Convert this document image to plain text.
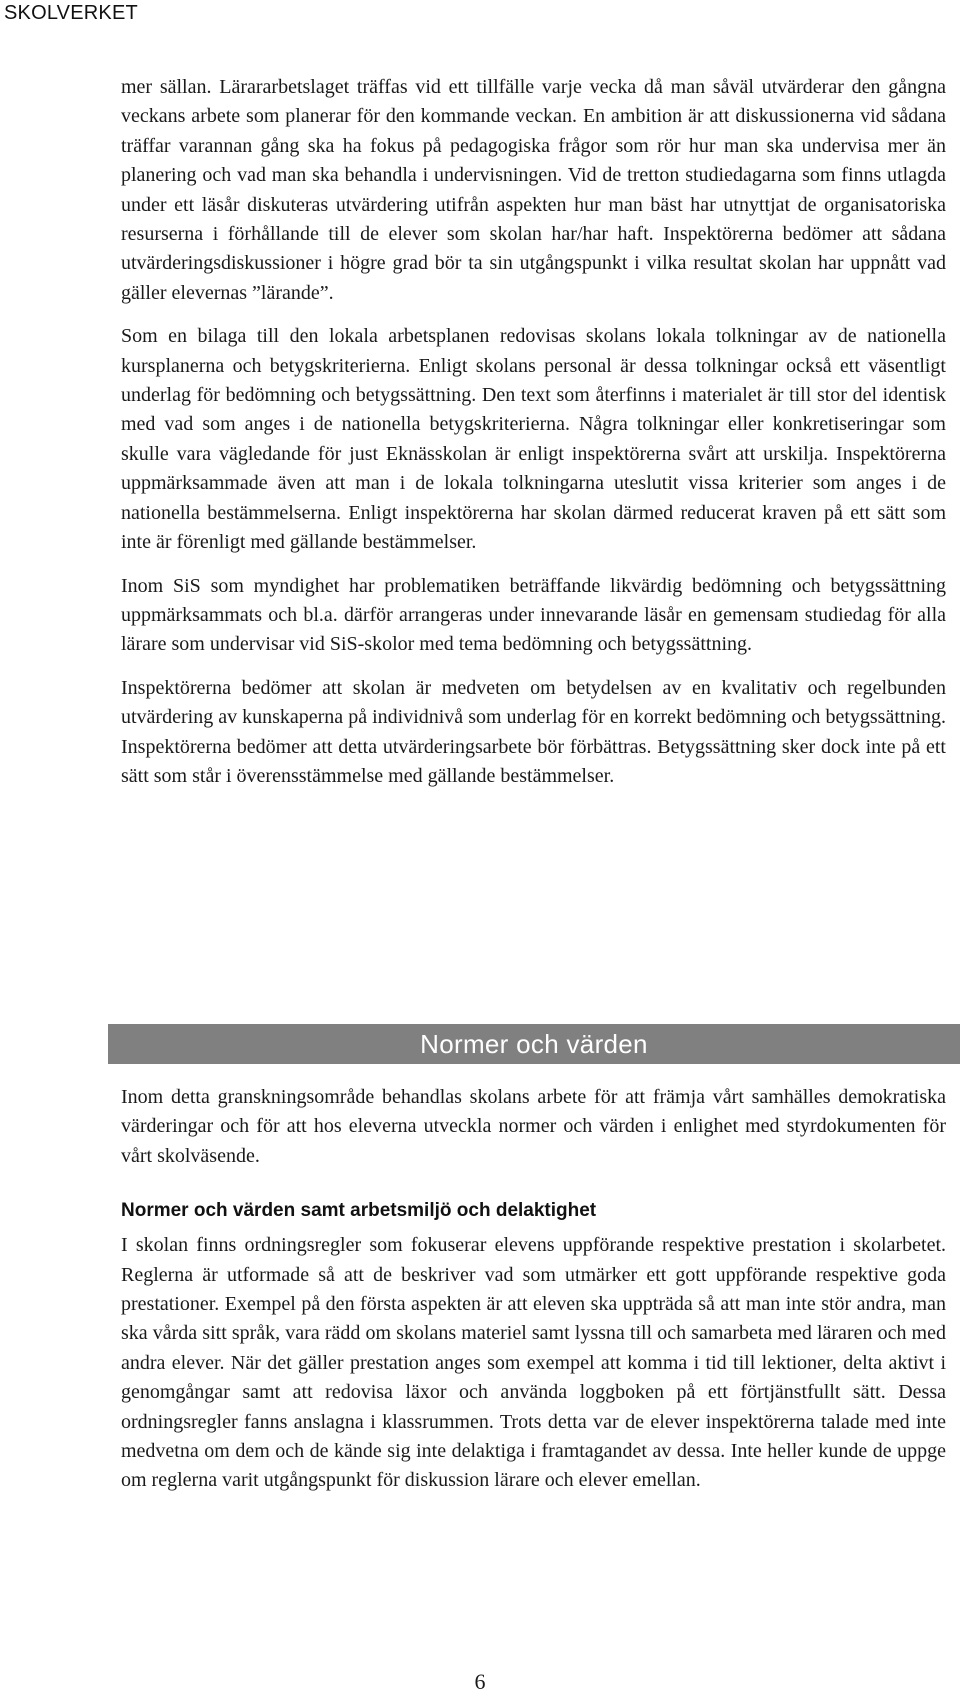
SKOLVERKET

mer sällan. Lärararbetslaget träffas vid ett tillfälle varje vecka då man såväl utvärderar den gångna veckans arbete som planerar för den kommande veckan. En ambition är att diskussionerna vid sådana träffar varannan gång ska ha fokus på pedagogiska frågor som rör hur man ska undervisa mer än planering och vad man ska behandla i undervisningen. Vid de tretton studiedagarna som finns utlagda under ett läsår diskuteras utvärdering utifrån aspekten hur man bäst har utnyttjat de organisatoriska resurserna i förhållande till de elever som skolan har/har haft. Inspektörerna bedömer att sådana utvärderingsdiskussioner i högre grad bör ta sin utgångspunkt i vilka resultat skolan har uppnått vad gäller elevernas ”lärande”.

Som en bilaga till den lokala arbetsplanen redovisas skolans lokala tolkningar av de nationella kursplanerna och betygskriterierna. Enligt skolans personal är dessa tolkningar också ett väsentligt underlag för bedömning och betygssättning. Den text som återfinns i materialet är till stor del identisk med vad som anges i de nationella betygskriterierna. Några tolkningar eller konkretiseringar som skulle vara vägledande för just Eknässkolan är enligt inspektörerna svårt att urskilja. Inspektörerna uppmärksammade även att man i de lokala tolkningarna uteslutit vissa kriterier som anges i de nationella bestämmelserna. Enligt inspektörerna har skolan därmed reducerat kraven på ett sätt som inte är förenligt med gällande bestämmelser.

Inom SiS som myndighet har problematiken beträffande likvärdig bedömning och betygssättning uppmärksammats och bl.a. därför arrangeras under innevarande läsår en gemensam studiedag för alla lärare som undervisar vid SiS-skolor med tema bedömning och betygssättning.

Inspektörerna bedömer att skolan är medveten om betydelsen av en kvalitativ och regelbunden utvärdering av kunskaperna på individnivå som underlag för en korrekt bedömning och betygssättning. Inspektörerna bedömer att detta utvärderingsarbete bör förbättras. Betygssättning sker dock inte på ett sätt som står i överensstämmelse med gällande bestämmelser.

Normer och värden

Inom detta granskningsområde behandlas skolans arbete för att främja vårt samhälles demokratiska värderingar och för att hos eleverna utveckla normer och värden i enlighet med styrdokumenten för vårt skolväsende.

Normer och värden samt arbetsmiljö och delaktighet

I skolan finns ordningsregler som fokuserar elevens uppförande respektive prestation i skolarbetet. Reglerna är utformade så att de beskriver vad som utmärker ett gott uppförande respektive goda prestationer. Exempel på den första aspekten är att eleven ska uppträda så att man inte stör andra, man ska vårda sitt språk, vara rädd om skolans materiel samt lyssna till och samarbeta med läraren och med andra elever. När det gäller prestation anges som exempel att komma i tid till lektioner, delta aktivt i genomgångar samt att redovisa läxor och använda loggboken på ett förtjänstfullt sätt. Dessa ordningsregler fanns anslagna i klassrummen. Trots detta var de elever inspektörerna talade med inte medvetna om dem och de kände sig inte delaktiga i framtagandet av dessa. Inte heller kunde de uppge om reglerna varit utgångspunkt för diskussion lärare och elever emellan.

6
